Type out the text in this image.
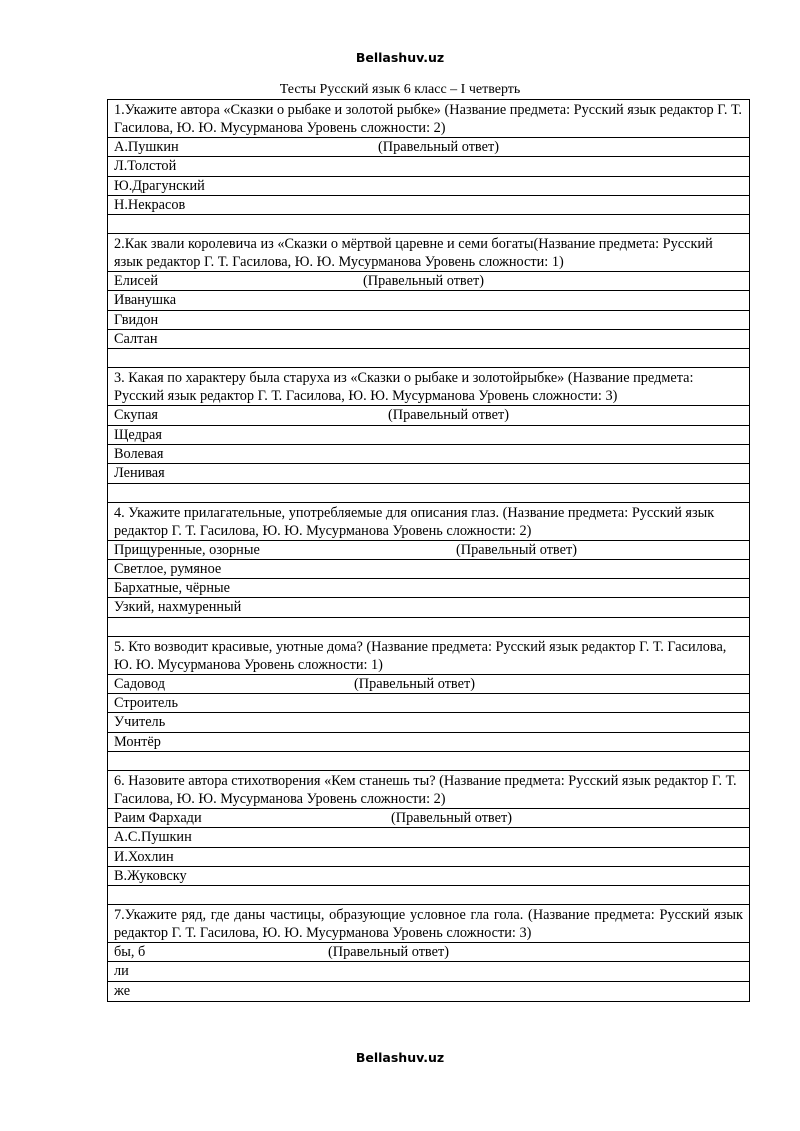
Bellashuv.uz
Тесты Русский язык 6 класс – I четверть
1.Укажите автора «Сказки о рыбаке и золотой рыбке» (Название предмета: Русский язык редактор Г. Т. Гасилова, Ю. Ю. Мусурманова Уровень сложности: 2)
А.Пушкин	(Правельный ответ)
Л.Толстой
Ю.Драгунский
Н.Некрасов
2.Как звали королевича из «Сказки о мёртвой царевне и семи богаты(Название предмета: Русский язык редактор Г. Т. Гасилова, Ю. Ю. Мусурманова Уровень сложности: 1)
Елисей	(Правельный ответ)
Иванушка
Гвидон
Салтан
3. Какая по характеру была старуха из «Сказки о рыбаке и золотойрыбке» (Название предмета: Русский язык редактор Г. Т. Гасилова, Ю. Ю. Мусурманова Уровень сложности: 3)
Скупая	(Правельный ответ)
Щедрая
Волевая
Ленивая
4. Укажите прилагательные, употребляемые для описания глаз. (Название предмета: Русский язык редактор Г. Т. Гасилова, Ю. Ю. Мусурманова Уровень сложности: 2)
Прищуренные, озорные	(Правельный ответ)
Светлое, румяное
Бархатные, чёрные
Узкий, нахмуренный
5. Кто возводит красивые, уютные дома? (Название предмета: Русский язык редактор Г. Т. Гасилова, Ю. Ю. Мусурманова Уровень сложности: 1)
Садовод	(Правельный ответ)
Строитель
Учитель
Монтёр
6. Назовите автора стихотворения «Кем станешь ты? (Название предмета: Русский язык редактор Г. Т. Гасилова, Ю. Ю. Мусурманова Уровень сложности: 2)
Раим Фархади	(Правельный ответ)
А.С.Пушкин
И.Хохлин
В.Жуковску
7.Укажите ряд, где даны частицы, образующие условное гла гола. (Название предмета: Русский язык редактор Г. Т. Гасилова, Ю. Ю. Мусурманова Уровень сложности: 3)
бы, б	(Правельный ответ)
ли
же
Bellashuv.uz
